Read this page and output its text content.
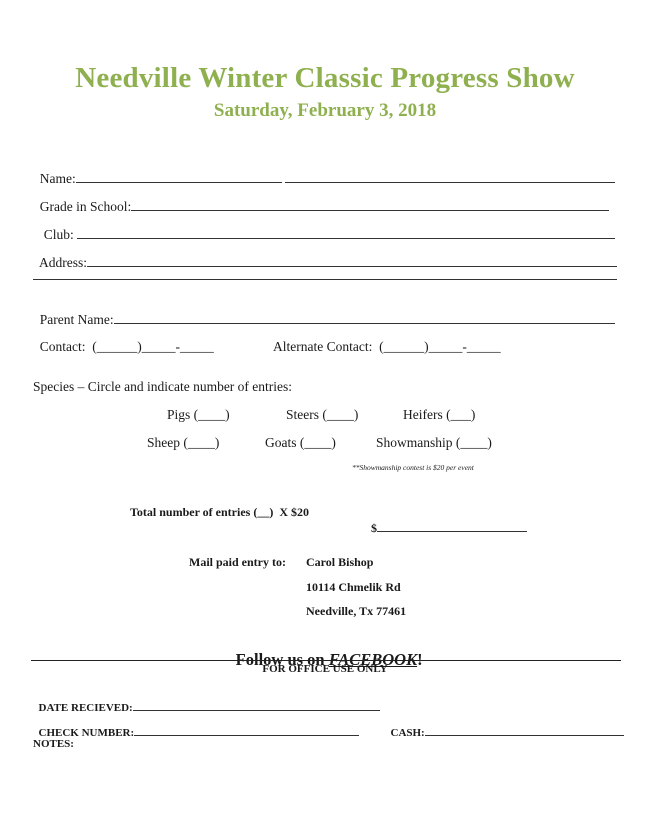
Needville Winter Classic Progress Show
Saturday, February 3, 2018

Name:

Grade in School:

Club:

Address:

Parent Name:

Contact: (______)_____-_____	Alternate Contact: (______)_____-_____

Species – Circle and indicate number of entries:
Pigs (____)	Steers (____)	Heifers (___)
Sheep (____)	Goats (____)	Showmanship (____)
**Showmanship contest is $20 per event
Total number of entries (__)  X $20

$

Mail paid entry to: Carol Bishop
10114 Chmelik Rd
Needville, Tx 77461

Follow us on FACEBOOK!

FOR OFFICE USE ONLY

DATE RECIEVED:

CHECK NUMBER:	CASH:

NOTES:
